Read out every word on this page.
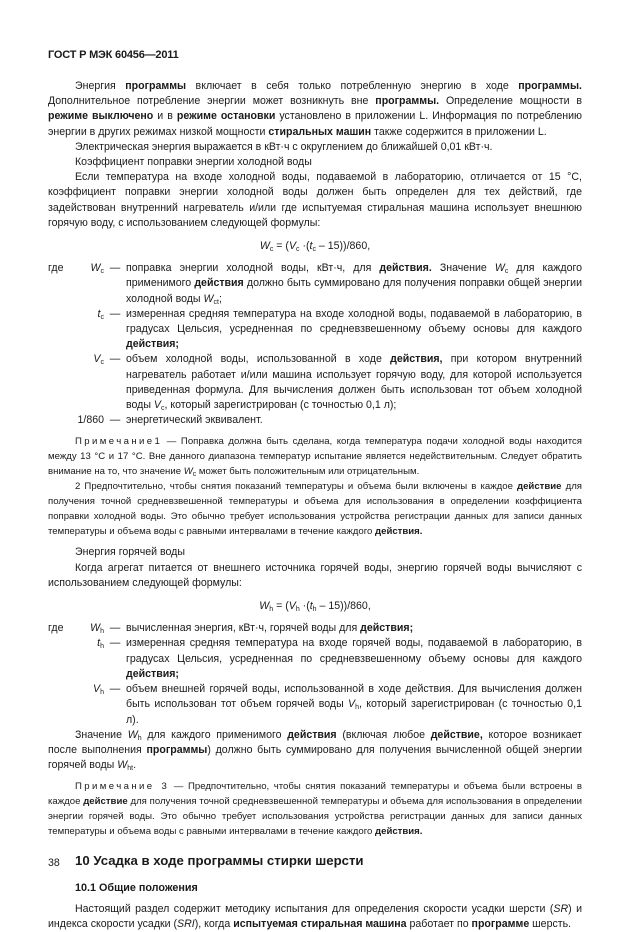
ГОСТ Р МЭК 60456—2011

Энергия программы включает в себя только потребленную энергию в ходе программы. Дополнительное потребление энергии может возникнуть вне программы. Определение мощности в режиме выключено и в режиме остановки установлено в приложении L. Информация по потреблению энергии в других режимах низкой мощности стиральных машин также содержится в приложении L.

Электрическая энергия выражается в кВт·ч с округлением до ближайшей 0,01 кВт·ч.

Коэффициент поправки энергии холодной воды

Если температура на входе холодной воды, подаваемой в лабораторию, отличается от 15 °С, коэффициент поправки энергии холодной воды должен быть определен для тех действий, где задействован внутренний нагреватель и/или где испытуемая стиральная машина использует внешнюю горячую воду, с использованием следующей формулы:

$W_c = (V_c \cdot(t_c - 15))/860$,
где	$W_c$ — поправка энергии холодной воды, кВт·ч, для действия. Значение $W_c$ для каждого применимого действия должно быть суммировано для получения поправки общей энергии холодной воды $W_{ct}$;
$t_c$ — измеренная средняя температура на входе холодной воды, подаваемой в лабораторию, в градусах Цельсия, усредненная по средневзвешенному объему основы для каждого действия;
$V_c$ — объем холодной воды, использованной в ходе действия, при котором внутренний нагреватель работает и/или машина использует горячую воду, для которой используется приведенная формула. Для вычисления должен быть использован тот объем холодной воды $V_c$, который зарегистрирован (с точностью 0,1 л);
1/860 — энергетический эквивалент.

Примечание1 — Поправка должна быть сделана, когда температура подачи холодной воды находится между 13 °С и 17 °С. Вне данного диапазона температур испытание является недействительным. Следует обратить внимание на то, что значение $W_c$ может быть положительным или отрицательным.

2 Предпочтительно, чтобы снятия показаний температуры и объема были включены в каждое действие для получения точной средневзвешенной температуры и объема для использования в определении коэффициента поправки холодной воды. Это обычно требует использования устройства регистрации данных для записи данных температуры и объема воды с равными интервалами в течение каждого действия.

Энергия горячей воды

Когда агрегат питается от внешнего источника горячей воды, энергию горячей воды вычисляют с использованием следующей формулы:

$W_h = (V_h \cdot(t_h - 15))/860$,
где	$W_h$ — вычисленная энергия, кВт·ч, горячей воды для действия;
$t_h$ — измеренная средняя температура на входе горячей воды, подаваемой в лабораторию, в градусах Цельсия, усредненная по средневзвешенному объему основы для каждого действия;
$V_h$ — объем внешней горячей воды, использованной в ходе действия. Для вычисления должен быть использован тот объем горячей воды $V_h$, который зарегистрирован (с точностью 0,1 л).

Значение $W_h$ для каждого применимого действия (включая любое действие, которое возникает после выполнения программы) должно быть суммировано для получения вычисленной общей энергии горячей воды $W_{ht}$.

Примечание 3 — Предпочтительно, чтобы снятия показаний температуры и объема были встроены в каждое действие для получения точной средневзвешенной температуры и объема для использования в определении энергии горячей воды. Это обычно требует использования устройства регистрации данных для записи данных температуры и объема воды с равными интервалами в течение каждого действия.

10 Усадка в ходе программы стирки шерсти

10.1 Общие положения

Настоящий раздел содержит методику испытания для определения скорости усадки шерсти (SR) и индекса скорости усадки (SRI), когда испытуемая стиральная машина работает по программе шерсть.

38
